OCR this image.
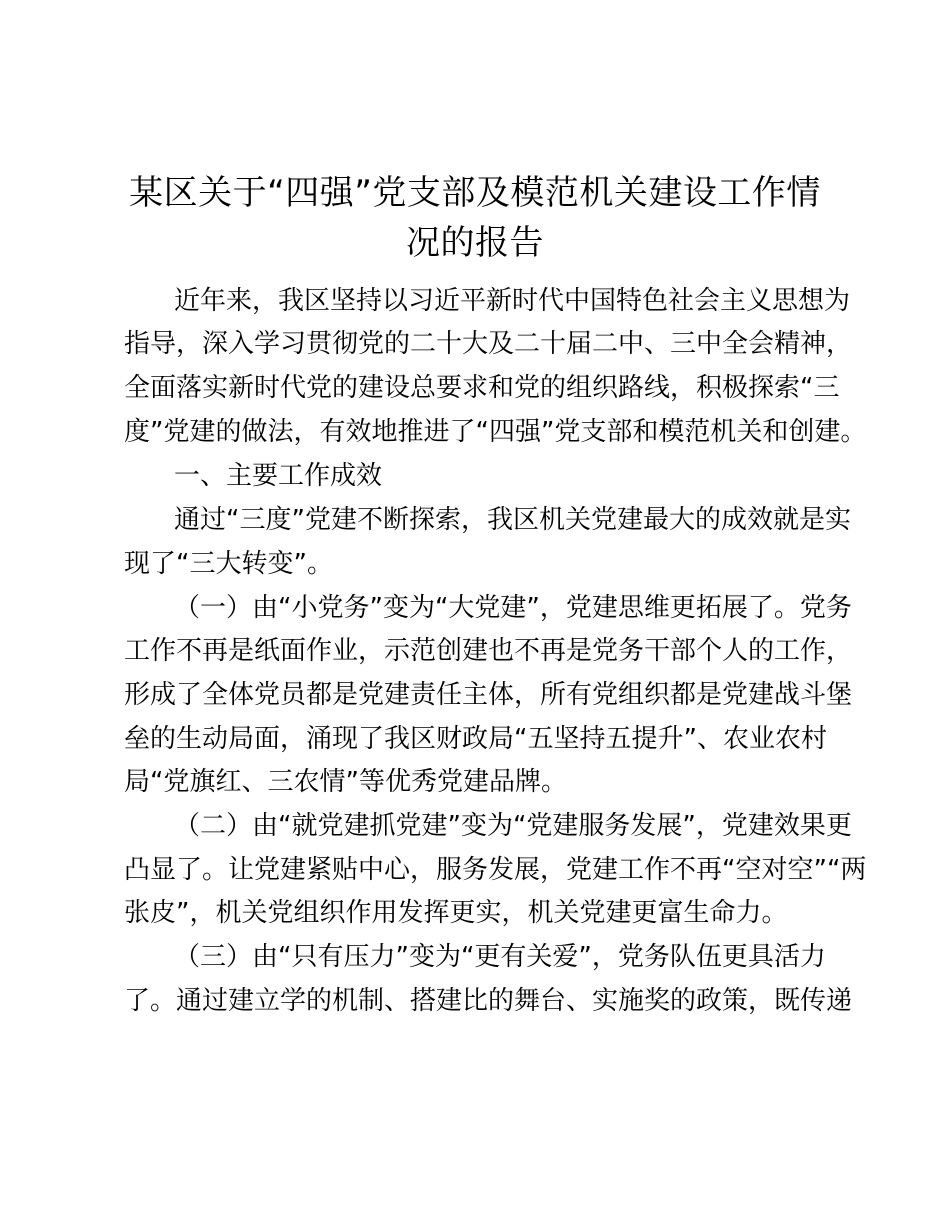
某区关于“四强”党支部及模范机关建设工作情
况的报告

近年来，我区坚持以习近平新时代中国特色社会主义思想为

指导，深入学习贯彻党的二十大及二十届二中、三中全会精神，

全面落实新时代党的建设总要求和党的组织路线，积极探索“三

度”党建的做法，有效地推进了“四强”党支部和模范机关和创建。

一、主要工作成效

通过“三度”党建不断探索，我区机关党建最大的成效就是实

现了“三大转变”。

（一）由“小党务”变为“大党建”，党建思维更拓展了。党务

工作不再是纸面作业，示范创建也不再是党务干部个人的工作，

形成了全体党员都是党建责任主体，所有党组织都是党建战斗堡

垒的生动局面，涌现了我区财政局“五坚持五提升”、农业农村

局“党旗红、三农情”等优秀党建品牌。

（二）由“就党建抓党建”变为“党建服务发展”，党建效果更

凸显了。让党建紧贴中心，服务发展，党建工作不再“空对空”“两

张皮”，机关党组织作用发挥更实，机关党建更富生命力。

（三）由“只有压力”变为“更有关爱”，党务队伍更具活力

了。通过建立学的机制、搭建比的舞台、实施奖的政策，既传递
